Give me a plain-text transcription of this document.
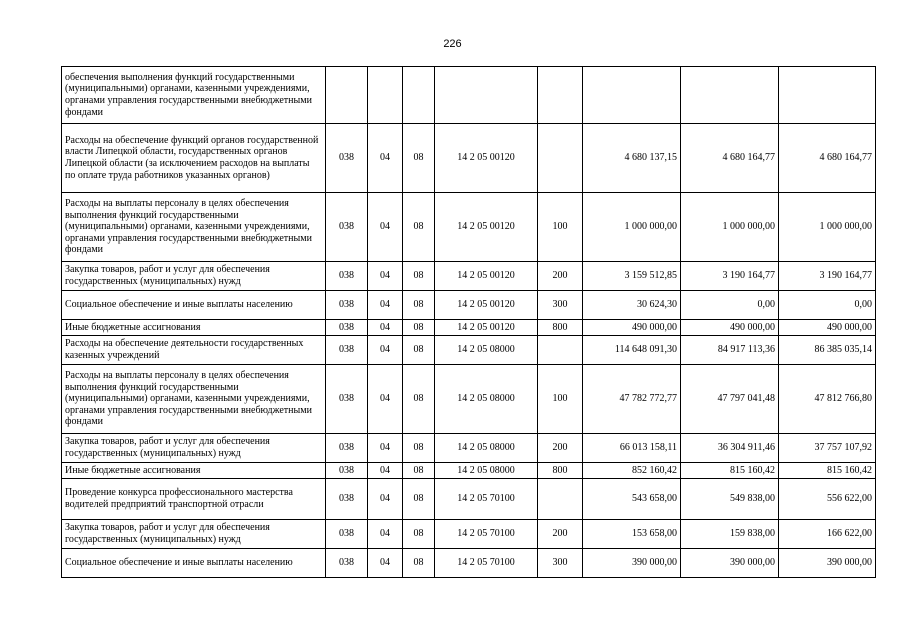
226
обеспечения выполнения функций государственными (муниципальными) органами, казенными учреждениями, органами управления государственными внебюджетными фондами								
Расходы на обеспечение функций органов государственной власти Липецкой области, государственных органов Липецкой области (за исключением расходов на выплаты по оплате труда работников указанных органов)	038	04	08	14 2 05 00120		4 680 137,15	4 680 164,77	4 680 164,77
Расходы на выплаты персоналу в целях обеспечения выполнения функций государственными (муниципальными) органами, казенными учреждениями, органами управления государственными внебюджетными фондами	038	04	08	14 2 05 00120	100	1 000 000,00	1 000 000,00	1 000 000,00
Закупка товаров, работ и услуг для обеспечения государственных (муниципальных) нужд	038	04	08	14 2 05 00120	200	3 159 512,85	3 190 164,77	3 190 164,77
Социальное обеспечение и иные выплаты населению	038	04	08	14 2 05 00120	300	30 624,30	0,00	0,00
Иные бюджетные ассигнования	038	04	08	14 2 05 00120	800	490 000,00	490 000,00	490 000,00
Расходы на обеспечение деятельности государственных казенных учреждений	038	04	08	14 2 05 08000		114 648 091,30	84 917 113,36	86 385 035,14
Расходы на выплаты персоналу в целях обеспечения выполнения функций государственными (муниципальными) органами, казенными учреждениями, органами управления государственными внебюджетными фондами	038	04	08	14 2 05 08000	100	47 782 772,77	47 797 041,48	47 812 766,80
Закупка товаров, работ и услуг для обеспечения государственных (муниципальных) нужд	038	04	08	14 2 05 08000	200	66 013 158,11	36 304 911,46	37 757 107,92
Иные бюджетные ассигнования	038	04	08	14 2 05 08000	800	852 160,42	815 160,42	815 160,42
Проведение конкурса профессионального мастерства водителей предприятий транспортной отрасли	038	04	08	14 2 05 70100		543 658,00	549 838,00	556 622,00
Закупка товаров, работ и услуг для обеспечения государственных (муниципальных) нужд	038	04	08	14 2 05 70100	200	153 658,00	159 838,00	166 622,00
Социальное обеспечение и иные выплаты населению	038	04	08	14 2 05 70100	300	390 000,00	390 000,00	390 000,00
